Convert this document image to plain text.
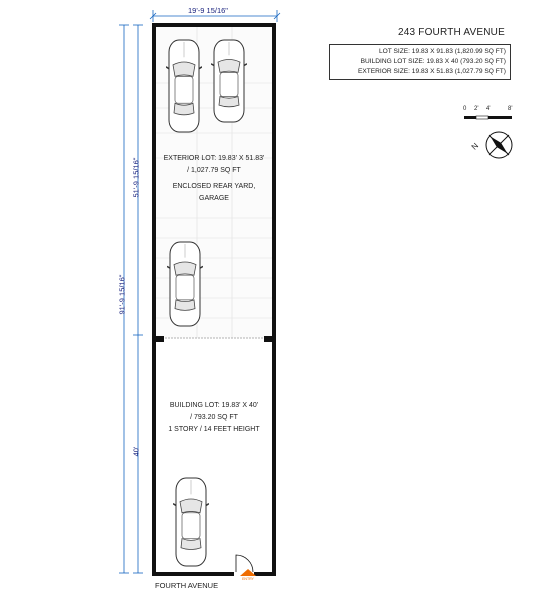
243 FOURTH AVENUE
LOT SIZE: 19.83 X 91.83 (1,820.99 SQ FT)
BUILDING LOT SIZE: 19.83 X 40 (793.20 SQ FT)
EXTERIOR SIZE: 19.83 X 51.83 (1,027.79 SQ FT)
0 2' 4'	8'
N
19'-9 15/16"
91'-9 15/16"
51'-9 15/16"
40'
EXTERIOR LOT: 19.83' X 51.83'
/ 1,027.79 SQ FT
ENCLOSED REAR YARD,
GARAGE
BUILDING LOT: 19.83' X 40'
/ 793.20 SQ FT
1 STORY / 14 FEET HEIGHT
ENTRY
FOURTH AVENUE
